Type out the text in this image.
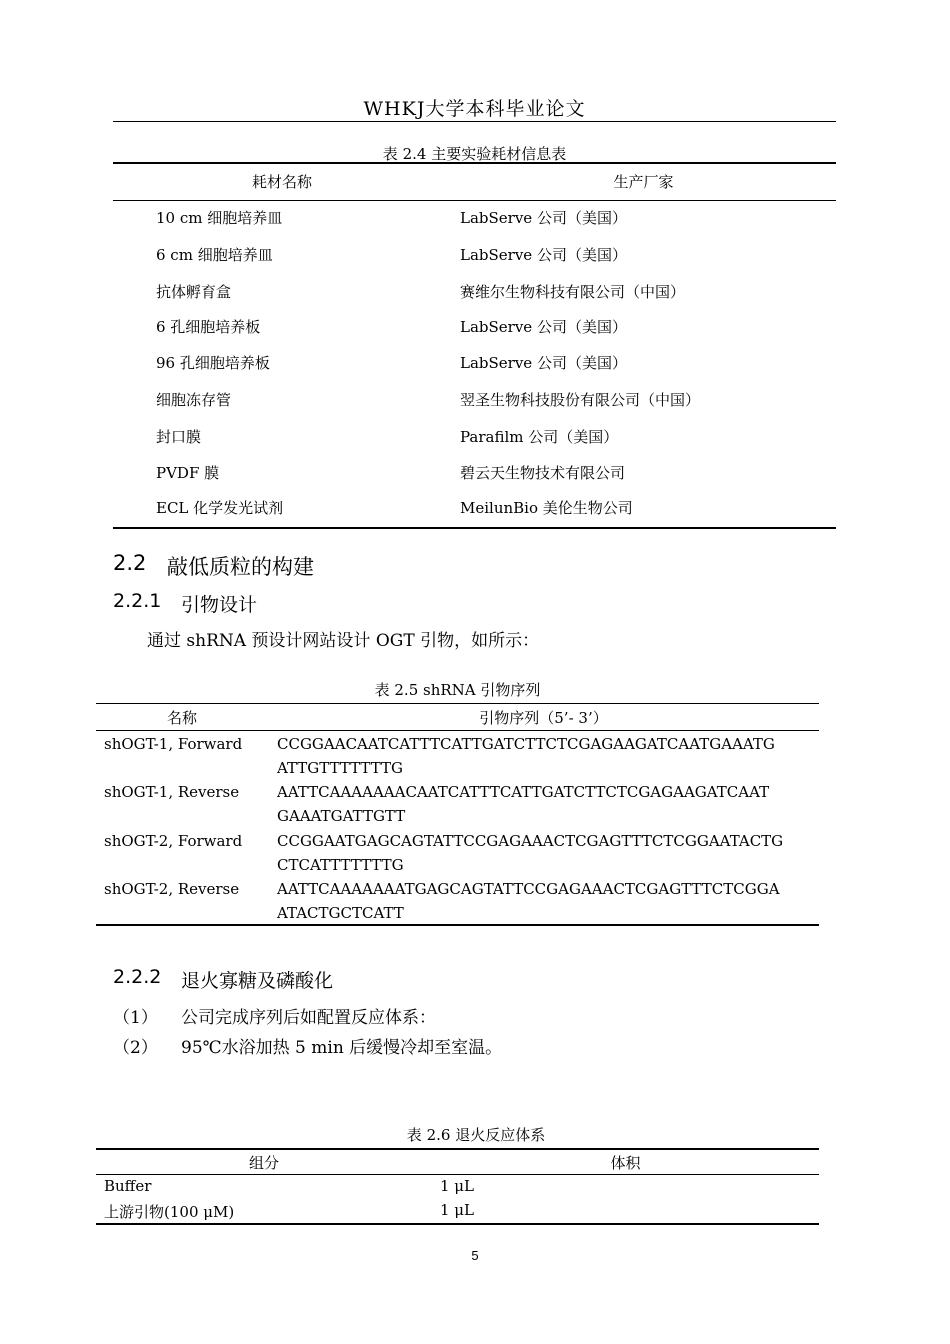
WHKJ大学本科毕业论文
表 2.4 主要实验耗材信息表
耗材名称	生产厂家
10 cm 细胞培养皿	LabServe 公司（美国）
6 cm 细胞培养皿	LabServe 公司（美国）
抗体孵育盒	赛维尔生物科技有限公司（中国）
6 孔细胞培养板	LabServe 公司（美国）
96 孔细胞培养板	LabServe 公司（美国）
细胞冻存管	翌圣生物科技股份有限公司（中国）
封口膜	Parafilm 公司（美国）
PVDF 膜	碧云天生物技术有限公司
ECL 化学发光试剂	MeilunBio 美伦生物公司
2.2 敲低质粒的构建
2.2.1 引物设计
通过 shRNA 预设计网站设计 OGT 引物，如所示：
表 2.5 shRNA 引物序列
名称	引物序列（5’- 3’）
shOGT-1, Forward CCGGAACAATCATTTCATTGATCTTCTCGAGAAGATCAATGAAATG
ATTGTTTTTTTG
shOGT-1, Reverse	AATTCAAAAAAACAATCATTTCATTGATCTTCTCGAGAAGATCAAT
GAAATGATTGTT
shOGT-2, Forward CCGGAATGAGCAGTATTCCGAGAAACTCGAGTTTCTCGGAATACTG
CTCATTTTTTTG
shOGT-2, Reverse	AATTCAAAAAAATGAGCAGTATTCCGAGAAACTCGAGTTTCTCGGA
ATACTGCTCATT
2.2.2 退火寡糖及磷酸化
（1） 公司完成序列后如配置反应体系：
（2） 95℃水浴加热 5 min 后缓慢冷却至室温。
表 2.6 退火反应体系
组分	体积
Buffer	1 μL
上游引物(100 μM)	1 μL
5
